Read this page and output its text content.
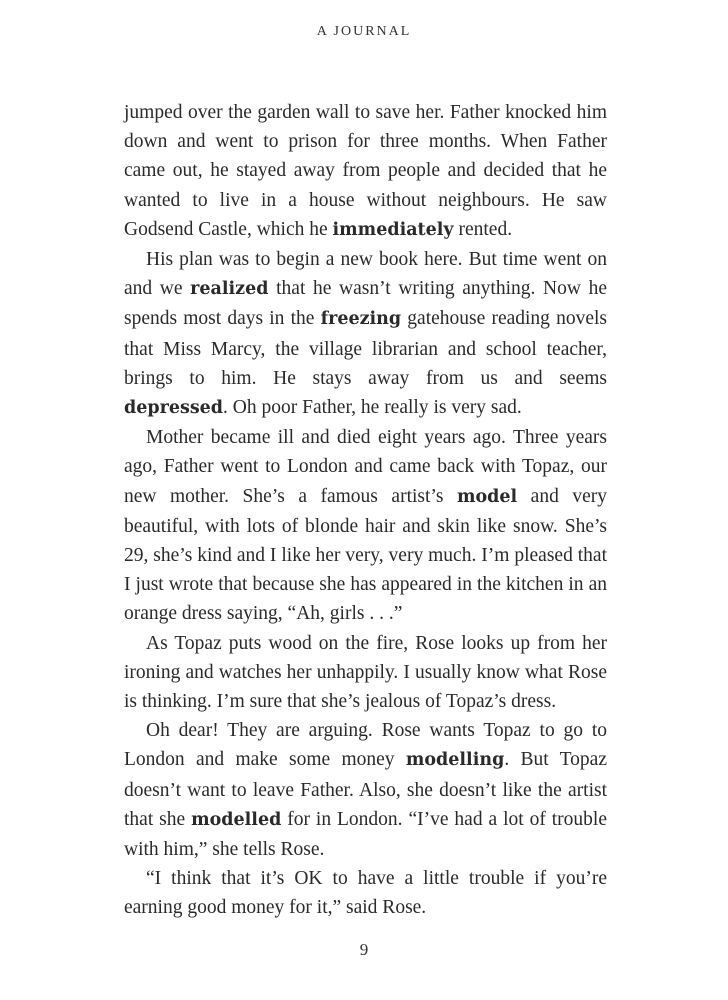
A JOURNAL

jumped over the garden wall to save her. Father knocked him down and went to prison for three months. When Father came out, he stayed away from people and decided that he wanted to live in a house without neighbours. He saw Godsend Castle, which he immediately rented.

His plan was to begin a new book here. But time went on and we realized that he wasn’t writing anything. Now he spends most days in the freezing gatehouse reading novels that Miss Marcy, the village librarian and school teacher, brings to him. He stays away from us and seems depressed. Oh poor Father, he really is very sad.

Mother became ill and died eight years ago. Three years ago, Father went to London and came back with Topaz, our new mother. She’s a famous artist’s model and very beautiful, with lots of blonde hair and skin like snow. She’s 29, she’s kind and I like her very, very much. I’m pleased that I just wrote that because she has appeared in the kitchen in an orange dress saying, “Ah, girls . . .”

As Topaz puts wood on the fire, Rose looks up from her ironing and watches her unhappily. I usually know what Rose is thinking. I’m sure that she’s jealous of Topaz’s dress.

Oh dear! They are arguing. Rose wants Topaz to go to London and make some money modelling. But Topaz doesn’t want to leave Father. Also, she doesn’t like the artist that she modelled for in London. “I’ve had a lot of trouble with him,” she tells Rose.

“I think that it’s OK to have a little trouble if you’re earning good money for it,” said Rose.

9
